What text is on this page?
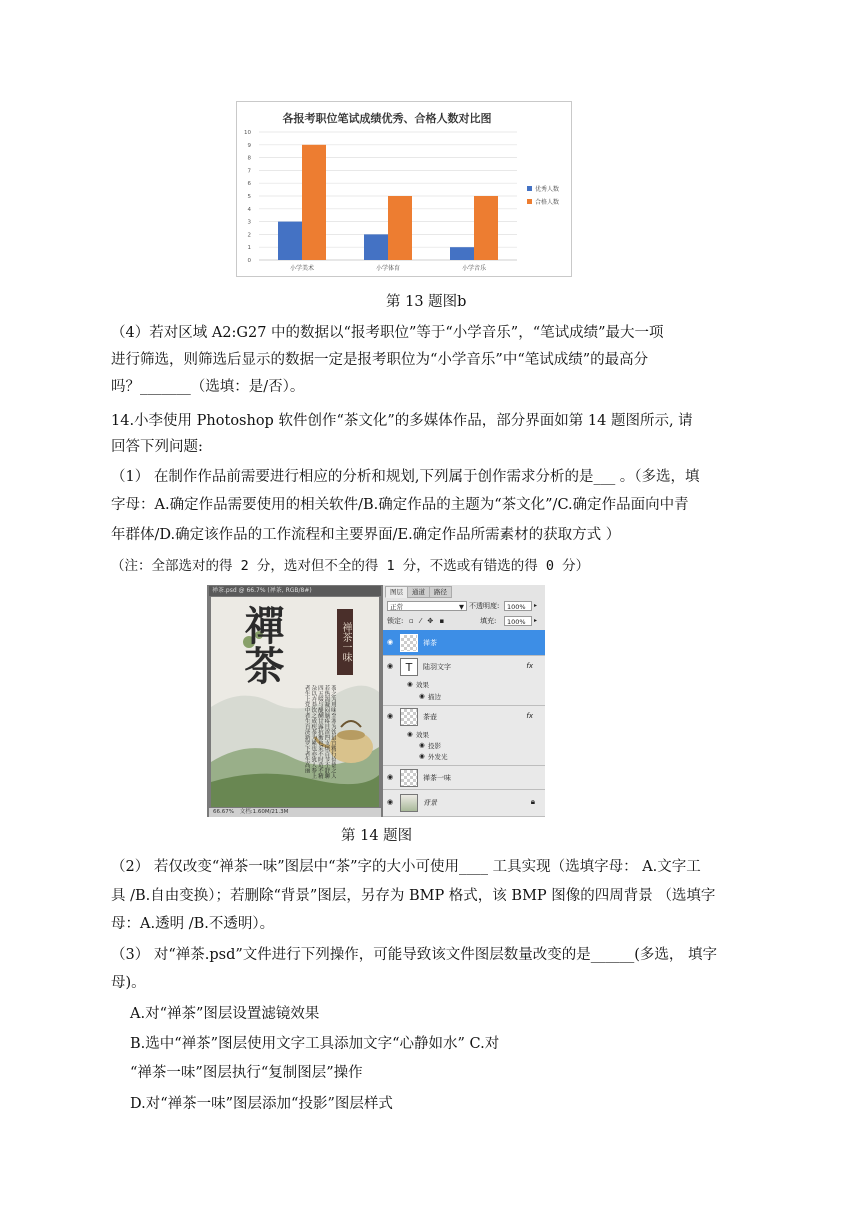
各报考职位笔试成绩优秀、合格人数对比图
0
1
2
3
4
5
6
7
8
9
10
小学美术	小学体育	小学音乐
优秀人数
合格人数
第 13 题图b
（4）若对区域 A2:G27 中的数据以“报考职位”等于“小学音乐”，“笔试成绩”最大一项
进行筛选，则筛选后显示的数据一定是报考职位为“小学音乐”中“笔试成绩”的最高分
吗？_______（选填：是/否）。
14.小李使用 Photoshop 软件创作“茶文化”的多媒体作品，部分界面如第 14 题图所示, 请
回答下列问题:
（1） 在制作作品前需要进行相应的分析和规划,下列属于创作需求分析的是___ 。（多选，填
字母：A.确定作品需要使用的相关软件/B.确定作品的主题为“茶文化”/C.确定作品面向中青
年群体/D.确定该作品的工作流程和主要界面/E.确定作品所需素材的获取方式 ）
（注：全部选对的得 2 分，选对但不全的得 1 分，不选或有错选的得 0 分）
禅茶.psd @ 66.7% (禅茶, RGB/8#)
禪茶	禅茶一味
茶之为用味至寒为饮最宜精行俭德之人若热渴凝闷脑疼目涩四支烦百节不舒聊四五啜与醍醐甘露抗衡也采不时造不精杂以卉莽饮之成疾茶为累也亦犹人参上者生上党中者生百济新罗下者生高丽
66.67% 文档:1.60M/21.3M
图层	通道	路径
正常	▼ 不透明度:	100%	▸
锁定: ▫ ⁄ ✥ ▪	填充:	100%	▸
◉	禅茶
◉	T	陆羽文字	fx
◉ 效果
◉ 描边
◉	茶壶	fx
◉ 效果
◉ 投影
◉ 外发光
◉	禅茶一味
◉	背景	🔒︎
第 14 题图
（2） 若仅改变“禅茶一味”图层中“茶”字的大小可使用____ 工具实现（选填字母： A.文字工
具 /B.自由变换）；若删除“背景”图层，另存为 BMP 格式，该 BMP 图像的四周背景 （选填字
母：A.透明 /B.不透明）。
（3） 对“禅茶.psd”文件进行下列操作，可能导致该文件图层数量改变的是______(多选， 填字
母)。
A.对“禅茶”图层设置滤镜效果
B.选中“禅茶”图层使用文字工具添加文字“心静如水” C.对
“禅茶一味”图层执行“复制图层”操作
D.对“禅茶一味”图层添加“投影”图层样式
